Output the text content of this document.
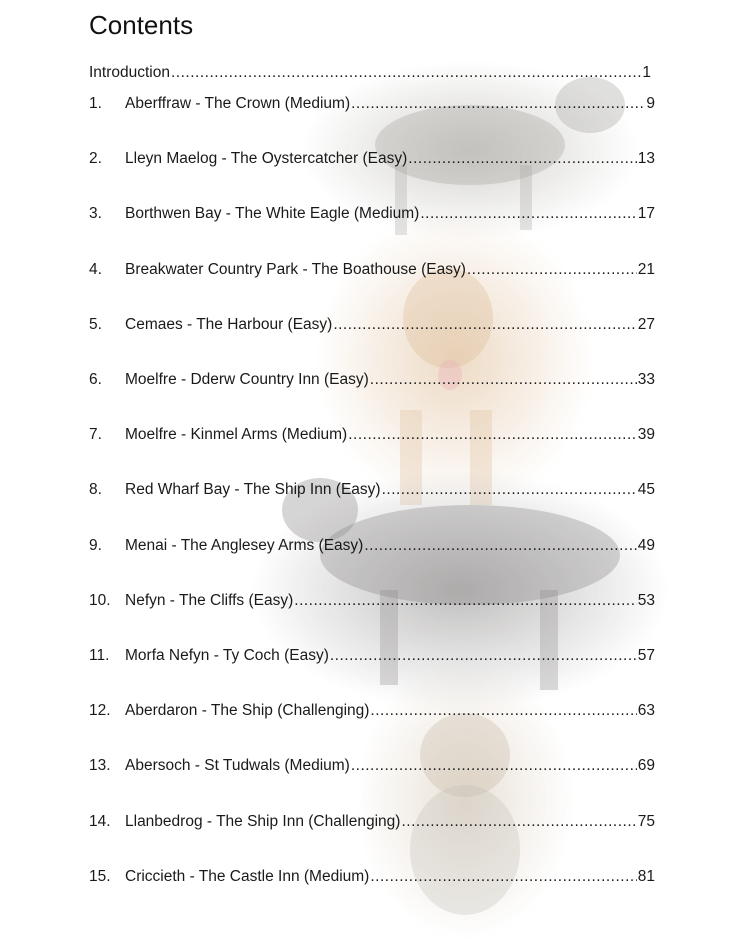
Contents
Introduction .....	1
1.	Aberffraw - The Crown (Medium) .....	9
2.	Lleyn Maelog - The Oystercatcher (Easy) .....	13
3.	Borthwen Bay - The White Eagle (Medium) .....	17
4.	Breakwater Country Park - The Boathouse (Easy) .....	21
5.	Cemaes - The Harbour (Easy) .....	27
6.	Moelfre - Dderw Country Inn (Easy) .....	33
7.	Moelfre - Kinmel Arms (Medium) .....	39
8.	Red Wharf Bay - The Ship Inn (Easy) .....	45
9.	Menai - The Anglesey Arms (Easy) .....	49
10. Nefyn - The Cliffs (Easy) .....	53
11.	Morfa Nefyn - Ty Coch (Easy) .....	57
12. Aberdaron - The Ship (Challenging) .....	63
13. Abersoch - St Tudwals (Medium) .....	69
14. Llanbedrog - The Ship Inn (Challenging) .....	75
15. Criccieth - The Castle Inn (Medium) .....	81
